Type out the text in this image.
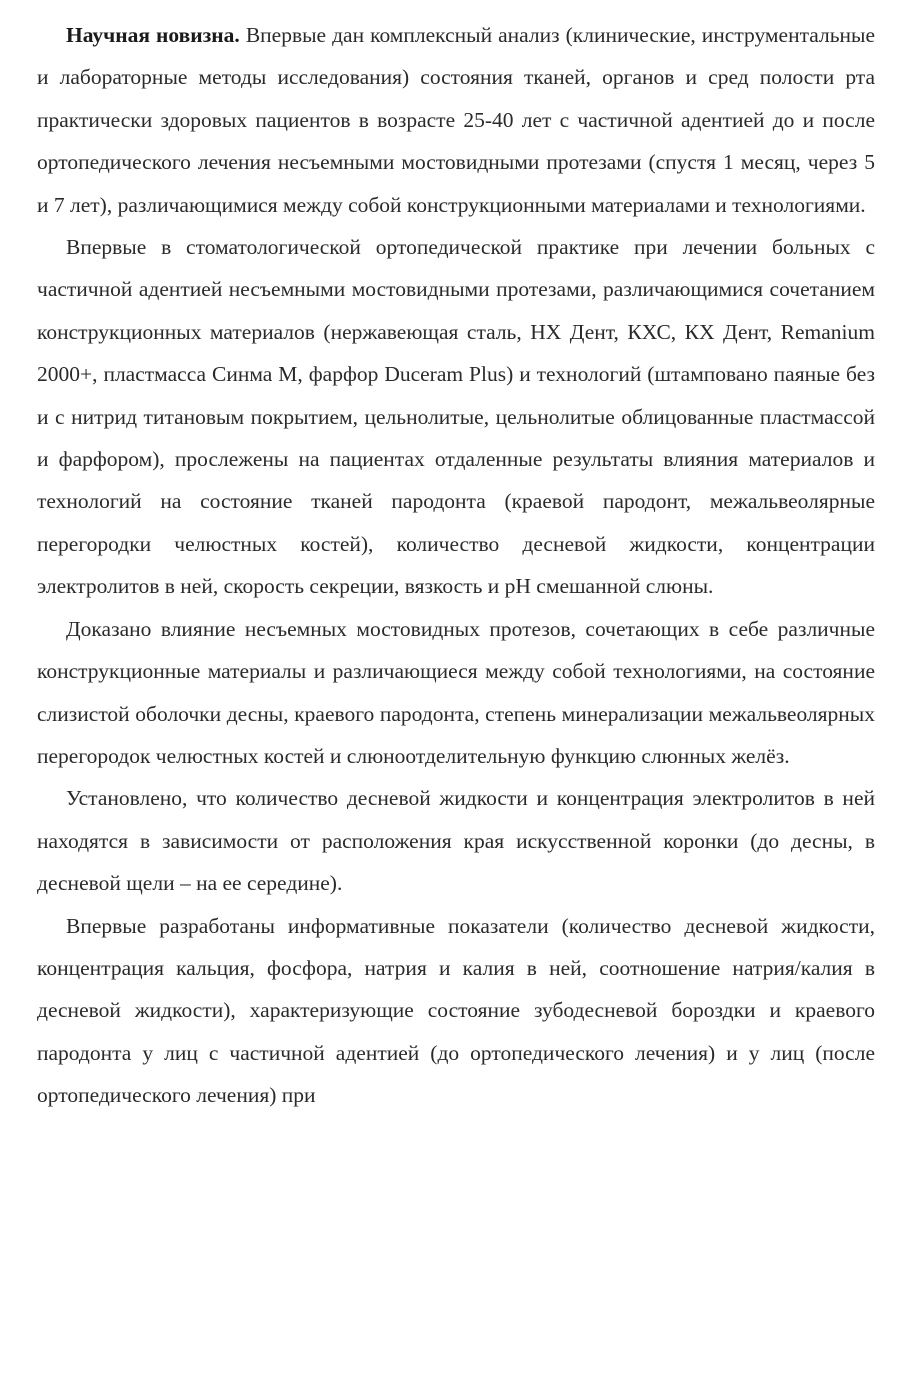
Научная новизна. Впервые дан комплексный анализ (клинические, инструментальные и лабораторные методы исследования) состояния тканей, органов и сред полости рта практически здоровых пациентов в возрасте 25-40 лет с частичной адентией до и после ортопедического лечения несъемными мостовидными протезами (спустя 1 месяц, через 5 и 7 лет), различающимися между собой конструкционными материалами и технологиями.

Впервые в стоматологической ортопедической практике при лечении больных с частичной адентией несъемными мостовидными протезами, различающимися сочетанием конструкционных материалов (нержавеющая сталь, НХ Дент, КХС, КХ Дент, Remanium 2000+, пластмасса Синма М, фарфор Duceram Plus) и технологий (штамповано паяные без и с нитрид титановым покрытием, цельнолитые, цельнолитые облицованные пластмассой и фарфором), прослежены на пациентах отдаленные результаты влияния материалов и технологий на состояние тканей пародонта (краевой пародонт, межальвеолярные перегородки челюстных костей), количество десневой жидкости, концентрации электролитов в ней, скорость секреции, вязкость и pH смешанной слюны.

Доказано влияние несъемных мостовидных протезов, сочетающих в себе различные конструкционные материалы и различающиеся между собой технологиями, на состояние слизистой оболочки десны, краевого пародонта, степень минерализации межальвеолярных перегородок челюстных костей и слюноотделительную функцию слюнных желёз.

Установлено, что количество десневой жидкости и концентрация электролитов в ней находятся в зависимости от расположения края искусственной коронки (до десны, в десневой щели – на ее середине).

Впервые разработаны информативные показатели (количество десневой жидкости, концентрация кальция, фосфора, натрия и калия в ней, соотношение натрия/калия в десневой жидкости), характеризующие состояние зубодесневой бороздки и краевого пародонта у лиц с частичной адентией (до ортопедического лечения) и у лиц (после ортопедического лечения) при
